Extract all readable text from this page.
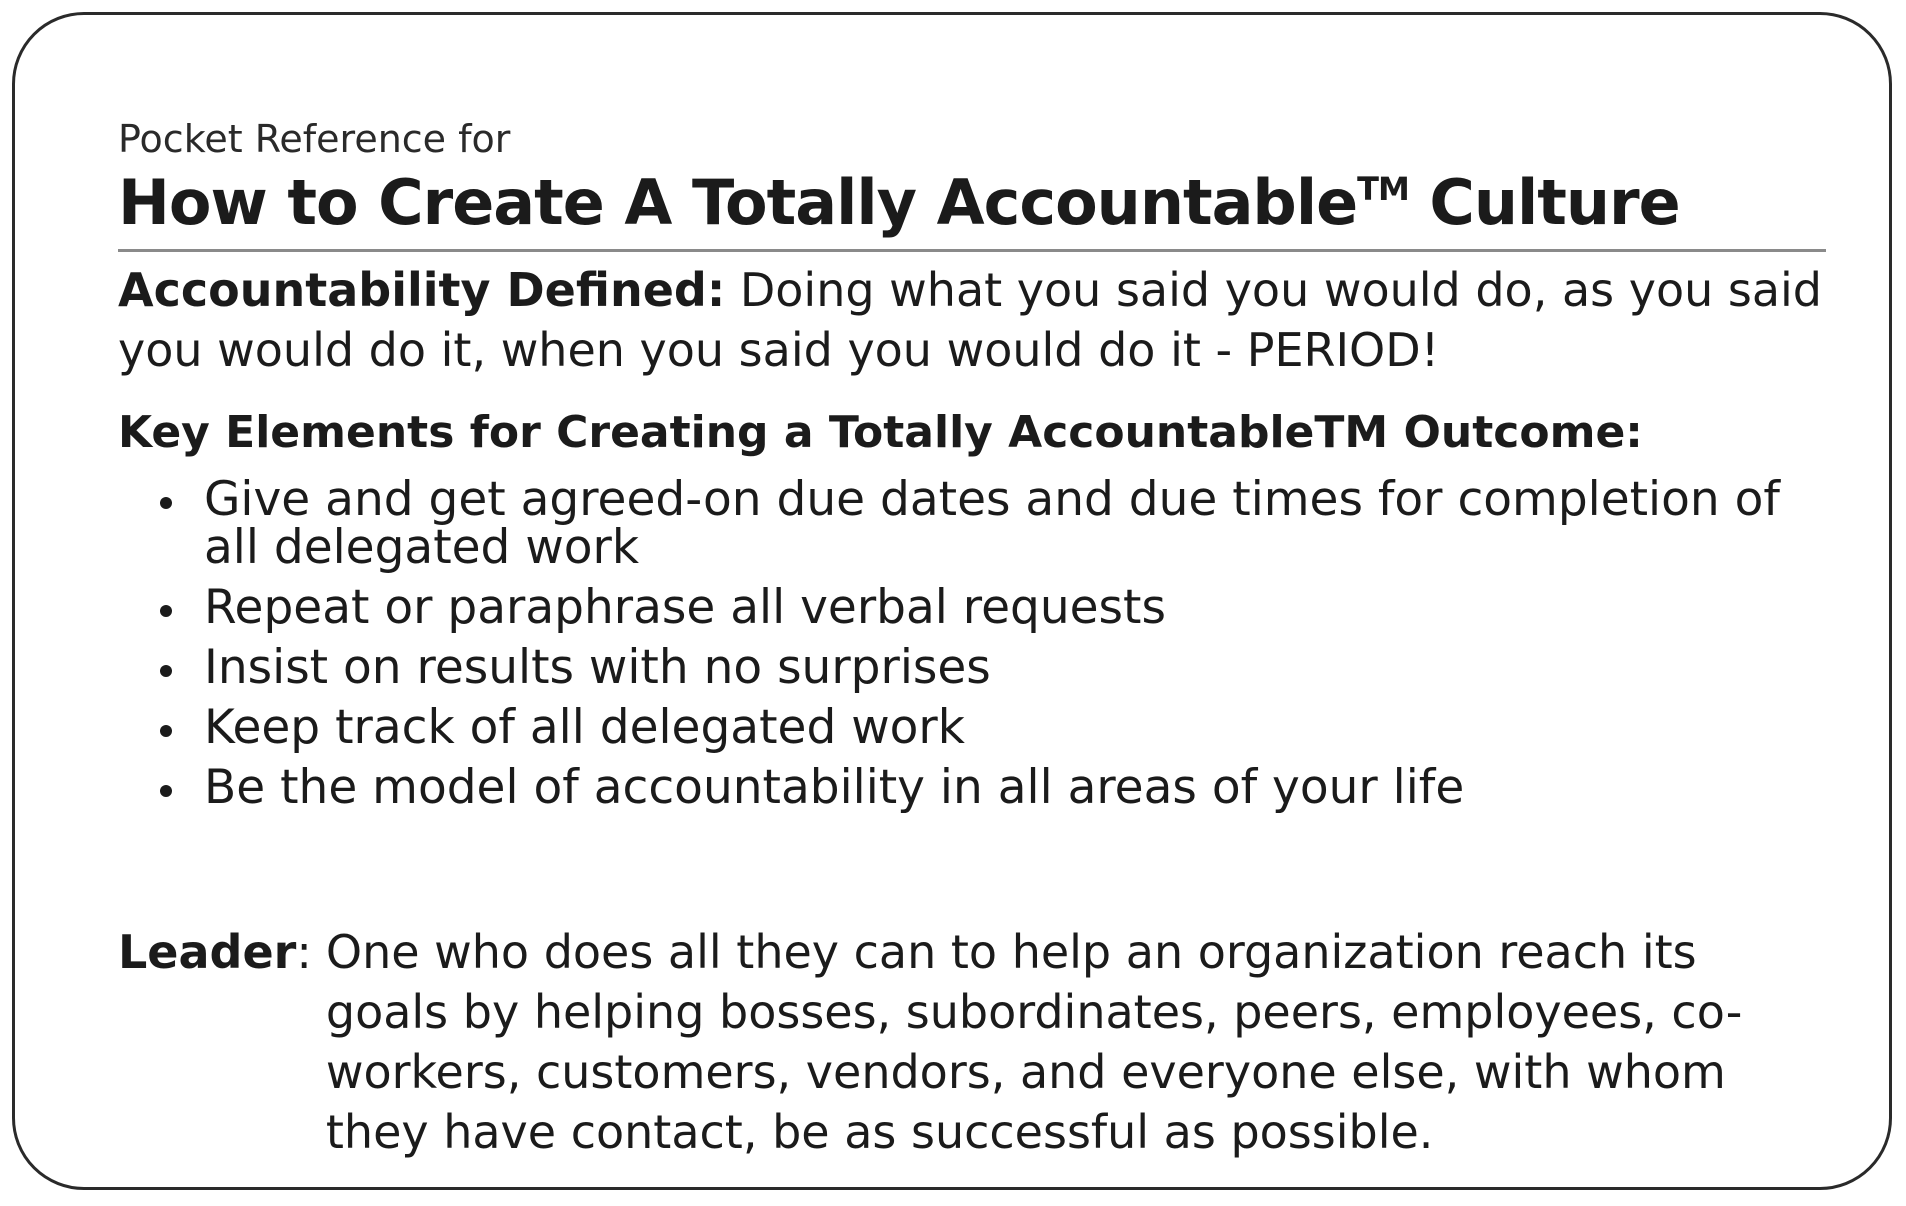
Pocket Reference for

How to Create A Totally Accountable™ Culture

Accountability Defined: Doing what you said you would do, as you said you would do it, when you said you would do it - PERIOD!

Key Elements for Creating a Totally AccountableTM Outcome:

Give and get agreed-on due dates and due times for completion of all delegated work
Repeat or paraphrase all verbal requests
Insist on results with no surprises
Keep track of all delegated work
Be the model of accountability in all areas of your life
Leader : One who does all they can to help an organization reach its goals by helping bosses, subordinates, peers, employees, co-workers, customers, vendors, and everyone else, with whom they have contact, be as successful as possible.
